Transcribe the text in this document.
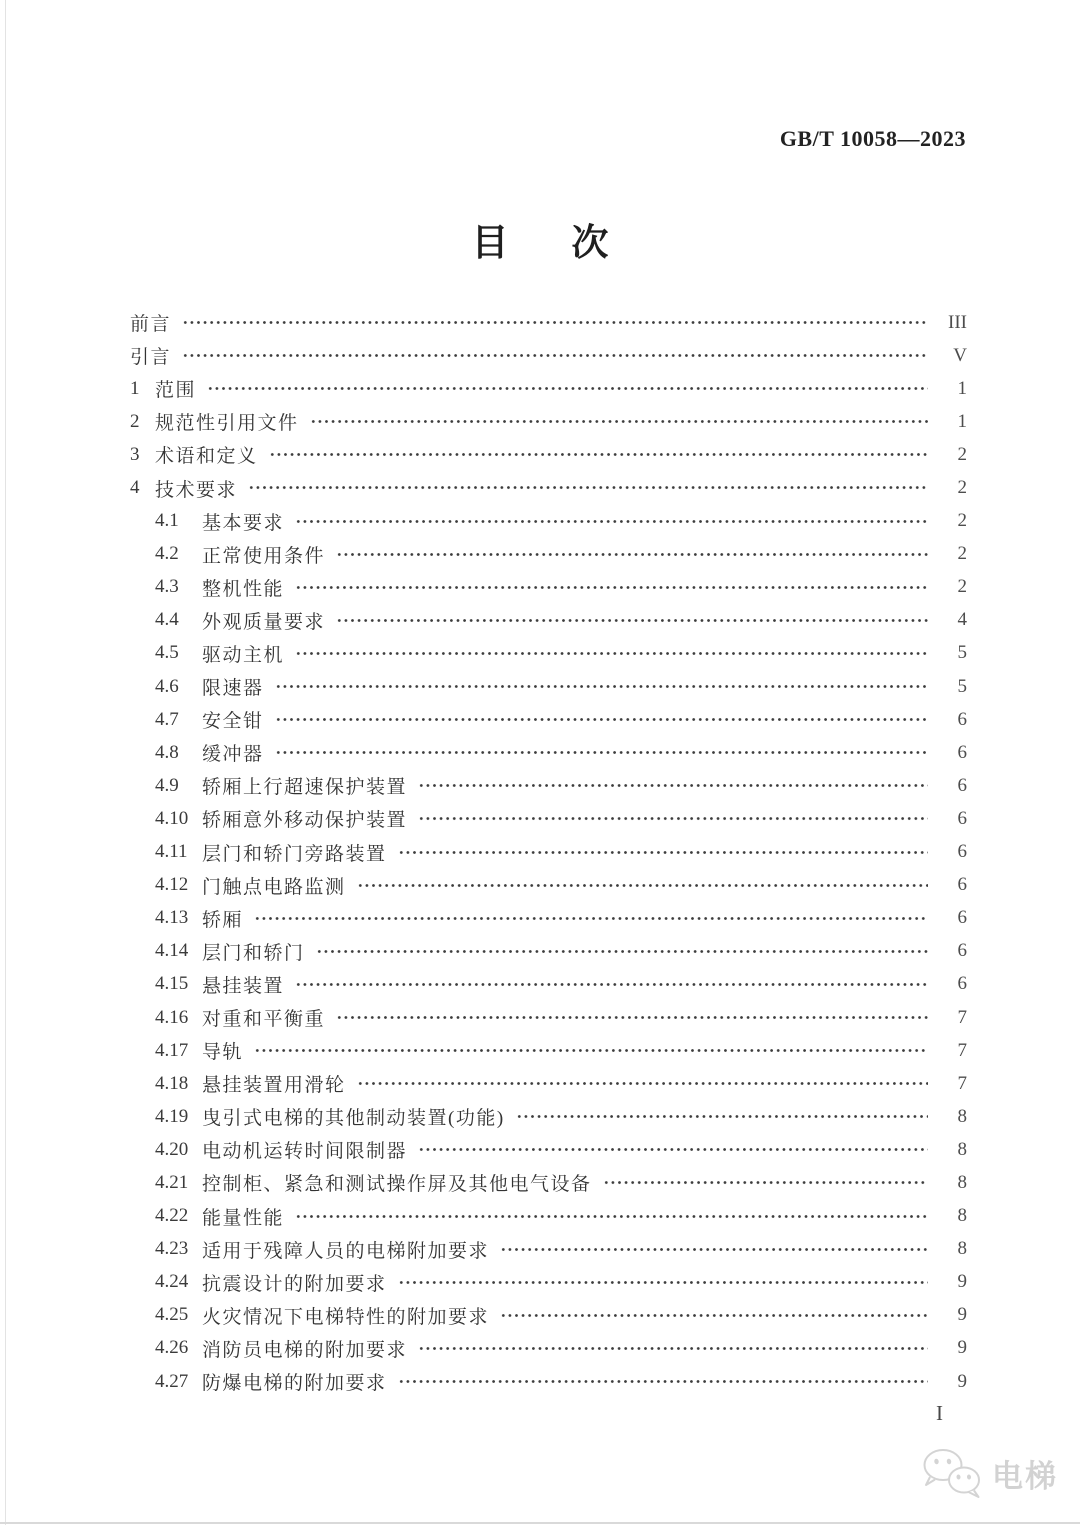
GB/T 10058—2023
目次
前言	III
引言	V
1 范围	1
2 规范性引用文件	1
3 术语和定义	2
4 技术要求	2
4.1	基本要求	2
4.2	正常使用条件	2
4.3	整机性能	2
4.4	外观质量要求	4
4.5	驱动主机	5
4.6	限速器	5
4.7	安全钳	6
4.8	缓冲器	6
4.9	轿厢上行超速保护装置	6
4.10 轿厢意外移动保护装置	6
4.11 层门和轿门旁路装置	6
4.12 门触点电路监测	6
4.13 轿厢	6
4.14 层门和轿门	6
4.15 悬挂装置	6
4.16 对重和平衡重	7
4.17 导轨	7
4.18 悬挂装置用滑轮	7
4.19 曳引式电梯的其他制动装置(功能)	8
4.20 电动机运转时间限制器	8
4.21 控制柜、紧急和测试操作屏及其他电气设备	8
4.22 能量性能	8
4.23 适用于残障人员的电梯附加要求	8
4.24 抗震设计的附加要求	9
4.25 火灾情况下电梯特性的附加要求	9
4.26 消防员电梯的附加要求	9
4.27 防爆电梯的附加要求	9
I
电梯
